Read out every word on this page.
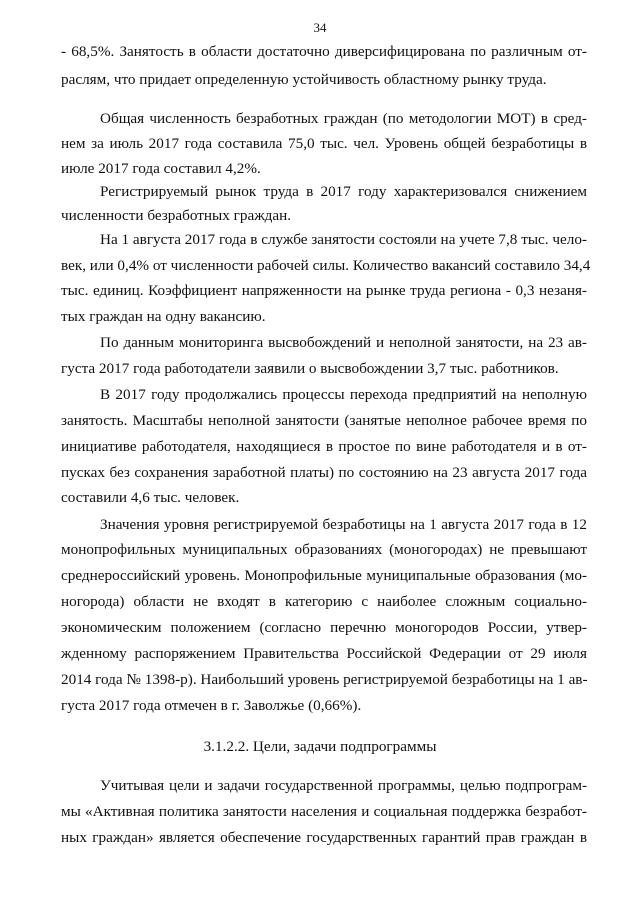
34
- 68,5%. Занятость в области достаточно диверсифицирована по различным от-
раслям, что придает определенную устойчивость областному рынку труда.
Общая численность безработных граждан (по методологии МОТ) в сред-
нем за июль 2017 года составила 75,0 тыс. чел. Уровень общей безработицы в
июле 2017 года составил 4,2%.
Регистрируемый рынок труда в 2017 году характеризовался снижением
численности безработных граждан.
На 1 августа 2017 года в службе занятости состояли на учете 7,8 тыс. чело-
век, или 0,4% от численности рабочей силы. Количество вакансий составило 34,4
тыс. единиц. Коэффициент напряженности на рынке труда региона - 0,3 незаня-
тых граждан на одну вакансию.
По данным мониторинга высвобождений и неполной занятости, на 23 ав-
густа 2017 года работодатели заявили о высвобождении 3,7 тыс. работников.
В 2017 году продолжались процессы перехода предприятий на неполную
занятость. Масштабы неполной занятости (занятые неполное рабочее время по
инициативе работодателя, находящиеся в простое по вине работодателя и в от-
пусках без сохранения заработной платы) по состоянию на 23 августа 2017 года
составили 4,6 тыс. человек.
Значения уровня регистрируемой безработицы на 1 августа 2017 года в 12
монопрофильных муниципальных образованиях (моногородах) не превышают
среднероссийский уровень. Монопрофильные муниципальные образования (мо-
ногорода) области не входят в категорию с наиболее сложным социально-
экономическим положением (согласно перечню моногородов России, утвер-
жденному распоряжением Правительства Российской Федерации от 29 июля
2014 года № 1398-р). Наибольший уровень регистрируемой безработицы на 1 ав-
густа 2017 года отмечен в г. Заволжье (0,66%).
3.1.2.2. Цели, задачи подпрограммы
Учитывая цели и задачи государственной программы, целью подпрограм-
мы «Активная политика занятости населения и социальная поддержка безработ-
ных граждан» является обеспечение государственных гарантий прав граждан в
